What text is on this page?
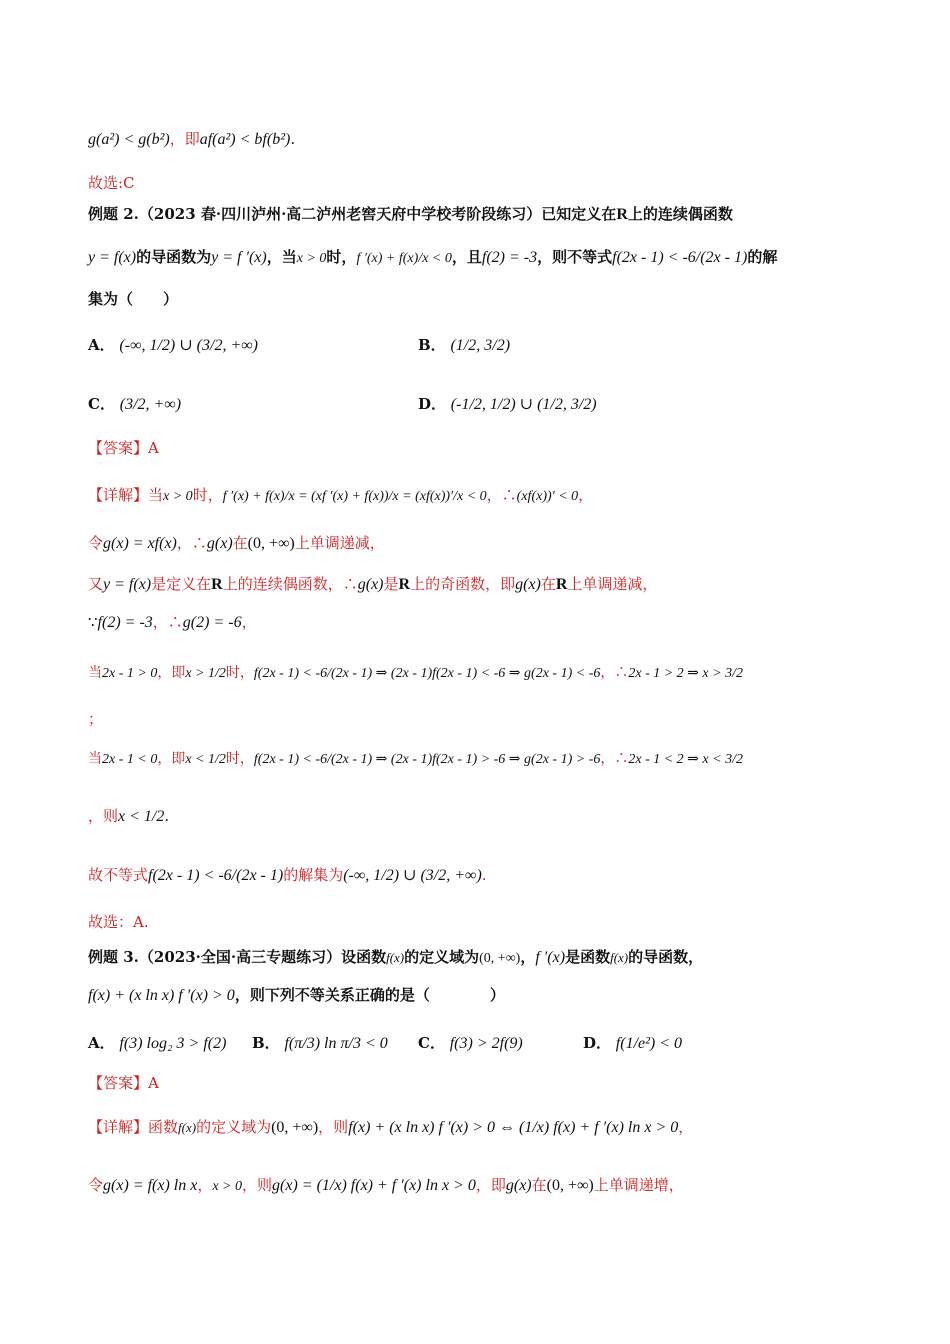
g(a²) < g(b²)，即af(a²) < bf(b²).
故选:C
例题 2.（2023 春·四川泸州·高二泸州老窖天府中学校考阶段练习）已知定义在R上的连续偶函数
y = f(x)的导函数为y = f ′(x)，当x > 0时，f ′(x) + f(x)/x < 0，且f(2) = -3，则不等式f(2x - 1) < -6/(2x - 1)的解
集为（　　）
A． (-∞, 1/2) ∪ (3/2, +∞)	B． (1/2, 3/2)
C． (3/2, +∞)	D． (-1/2, 1/2) ∪ (1/2, 3/2)
【答案】A
【详解】当x > 0时，f ′(x) + f(x)/x = (xf ′(x) + f(x))/x = (xf(x))′/x < 0，∴(xf(x))′ < 0，
令g(x) = xf(x)，∴g(x)在(0, +∞)上单调递减，
又y = f(x)是定义在R上的连续偶函数，∴g(x)是R上的奇函数，即g(x)在R上单调递减，
∵f(2) = -3，∴g(2) = -6，
当2x - 1 > 0，即x > 1/2时，f(2x - 1) < -6/(2x - 1) ⇒ (2x - 1)f(2x - 1) < -6 ⇒ g(2x - 1) < -6，∴2x - 1 > 2 ⇒ x > 3/2
；
当2x - 1 < 0，即x < 1/2时，f(2x - 1) < -6/(2x - 1) ⇒ (2x - 1)f(2x - 1) > -6 ⇒ g(2x - 1) > -6，∴2x - 1 < 2 ⇒ x < 3/2
，则x < 1/2.
故不等式f(2x - 1) < -6/(2x - 1)的解集为(-∞, 1/2) ∪ (3/2, +∞).
故选：A.
例题 3.（2023·全国·高三专题练习）设函数f(x)的定义域为(0, +∞)，f ′(x)是函数f(x)的导函数，
f(x) + (x ln x) f ′(x) > 0，则下列不等关系正确的是（　　　　）
A． f(3) log₂ 3 > f(2) B． f(π/3) ln π/3 < 0 C． f(3) > 2f(9)	D． f(1/e²) < 0
【答案】A
【详解】函数f(x)的定义域为(0, +∞)，则f(x) + (x ln x) f ′(x) > 0 ⇔ (1/x) f(x) + f ′(x) ln x > 0，
令g(x) = f(x) ln x，x > 0，则g(x) = (1/x) f(x) + f ′(x) ln x > 0，即g(x)在(0, +∞)上单调递增，
